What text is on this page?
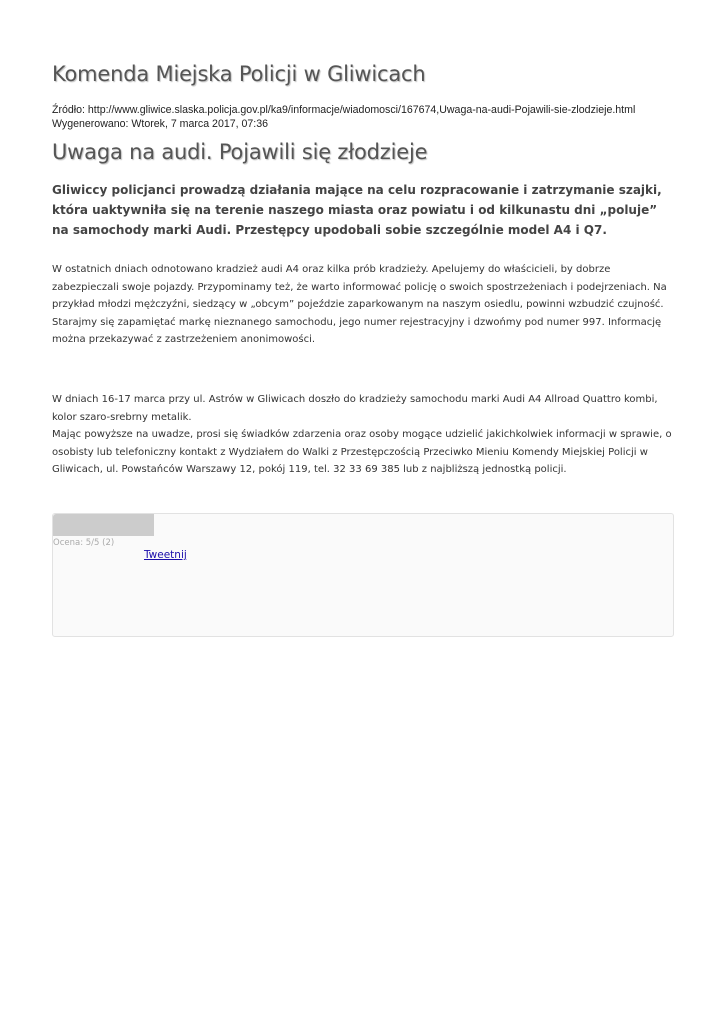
Komenda Miejska Policji w Gliwicach
Źródło: http://www.gliwice.slaska.policja.gov.pl/ka9/informacje/wiadomosci/167674,Uwaga-na-audi-Pojawili-sie-zlodzieje.html
Wygenerowano: Wtorek, 7 marca 2017, 07:36
Uwaga na audi. Pojawili się złodzieje

Gliwiccy policjanci prowadzą działania mające na celu rozpracowanie i zatrzymanie szajki, która uaktywniła się na terenie naszego miasta oraz powiatu i od kilkunastu dni „poluje” na samochody marki Audi. Przestępcy upodobali sobie szczególnie model A4 i Q7.

W ostatnich dniach odnotowano kradzież audi A4 oraz kilka prób kradzieży. Apelujemy do właścicieli, by dobrze zabezpieczali swoje pojazdy. Przypominamy też, że warto informować policję o swoich spostrzeżeniach i podejrzeniach. Na przykład młodzi mężczyźni, siedzący w „obcym” pojeździe zaparkowanym na naszym osiedlu, powinni wzbudzić czujność. Starajmy się zapamiętać markę nieznanego samochodu, jego numer rejestracyjny i dzwońmy pod numer 997. Informację można przekazywać z zastrzeżeniem anonimowości.

W dniach 16-17 marca przy ul. Astrów w Gliwicach doszło do kradzieży samochodu marki Audi A4 Allroad Quattro kombi, kolor szaro-srebrny metalik.
Mając powyższe na uwadze, prosi się świadków zdarzenia oraz osoby mogące udzielić jakichkolwiek informacji w sprawie, o osobisty lub telefoniczny kontakt z Wydziałem do Walki z Przestępczością Przeciwko Mieniu Komendy Miejskiej Policji w Gliwicach, ul. Powstańców Warszawy 12, pokój 119, tel. 32 33 69 385 lub z najbliższą jednostką policji.
Ocena: 5/5 (2)
Tweetnij
